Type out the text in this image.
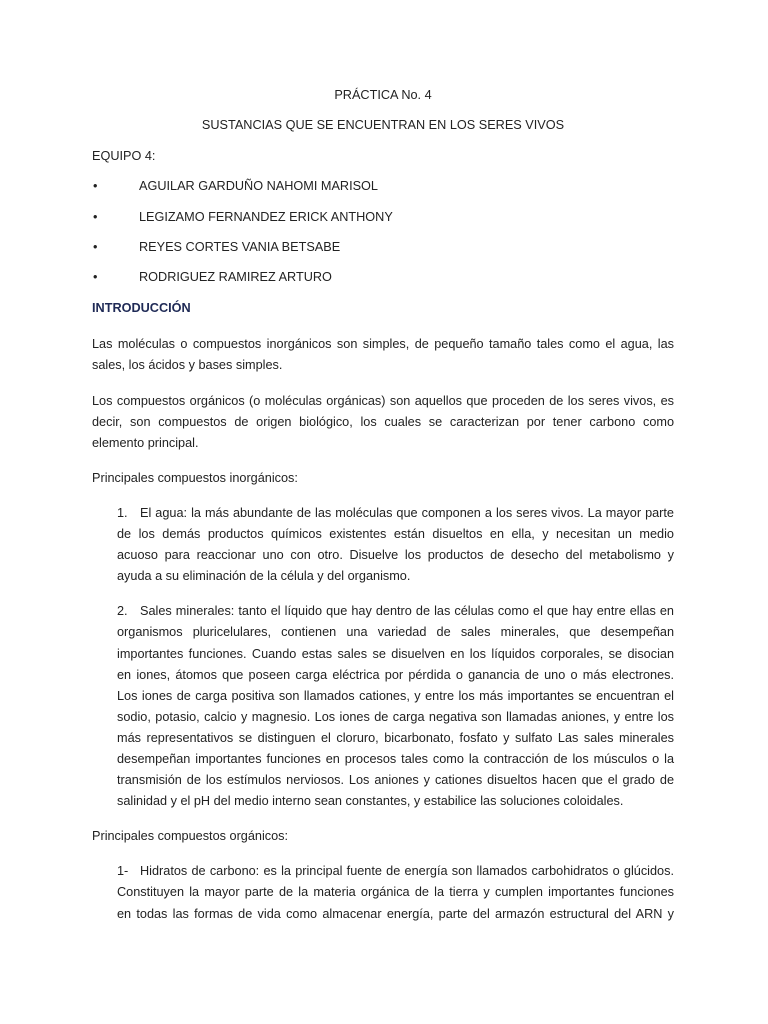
PRÁCTICA No. 4
SUSTANCIAS QUE SE ENCUENTRAN EN LOS SERES VIVOS
EQUIPO 4:
•	AGUILAR GARDUÑO NAHOMI MARISOL
•	LEGIZAMO FERNANDEZ ERICK ANTHONY
•	REYES CORTES VANIA BETSABE
•	RODRIGUEZ RAMIREZ ARTURO
INTRODUCCIÓN
Las moléculas o compuestos inorgánicos son simples, de pequeño tamaño tales como el agua, las
sales, los ácidos y bases simples.
Los compuestos orgánicos (o moléculas orgánicas) son aquellos que proceden de los seres vivos, es
decir, son compuestos de origen biológico, los cuales se caracterizan por tener carbono como
elemento principal.
Principales compuestos inorgánicos:
1. El agua: la más abundante de las moléculas que componen a los seres vivos. La mayor parte
de los demás productos químicos existentes están disueltos en ella, y necesitan un medio
acuoso para reaccionar uno con otro. Disuelve los productos de desecho del metabolismo y
ayuda a su eliminación de la célula y del organismo.
2. Sales minerales: tanto el líquido que hay dentro de las células como el que hay entre ellas en
organismos pluricelulares, contienen una variedad de sales minerales, que desempeñan
importantes funciones. Cuando estas sales se disuelven en los líquidos corporales, se disocian
en iones, átomos que poseen carga eléctrica por pérdida o ganancia de uno o más electrones.
Los iones de carga positiva son llamados cationes, y entre los más importantes se encuentran el
sodio, potasio, calcio y magnesio. Los iones de carga negativa son llamadas aniones, y entre los
más representativos se distinguen el cloruro, bicarbonato, fosfato y sulfato Las sales minerales
desempeñan importantes funciones en procesos tales como la contracción de los músculos o la
transmisión de los estímulos nerviosos. Los aniones y cationes disueltos hacen que el grado de
salinidad y el pH del medio interno sean constantes, y estabilice las soluciones coloidales.
Principales compuestos orgánicos:
1- Hidratos de carbono: es la principal fuente de energía son llamados carbohidratos o glúcidos.
Constituyen la mayor parte de la materia orgánica de la tierra y cumplen importantes funciones
en todas las formas de vida como almacenar energía, parte del armazón estructural del ARN y
